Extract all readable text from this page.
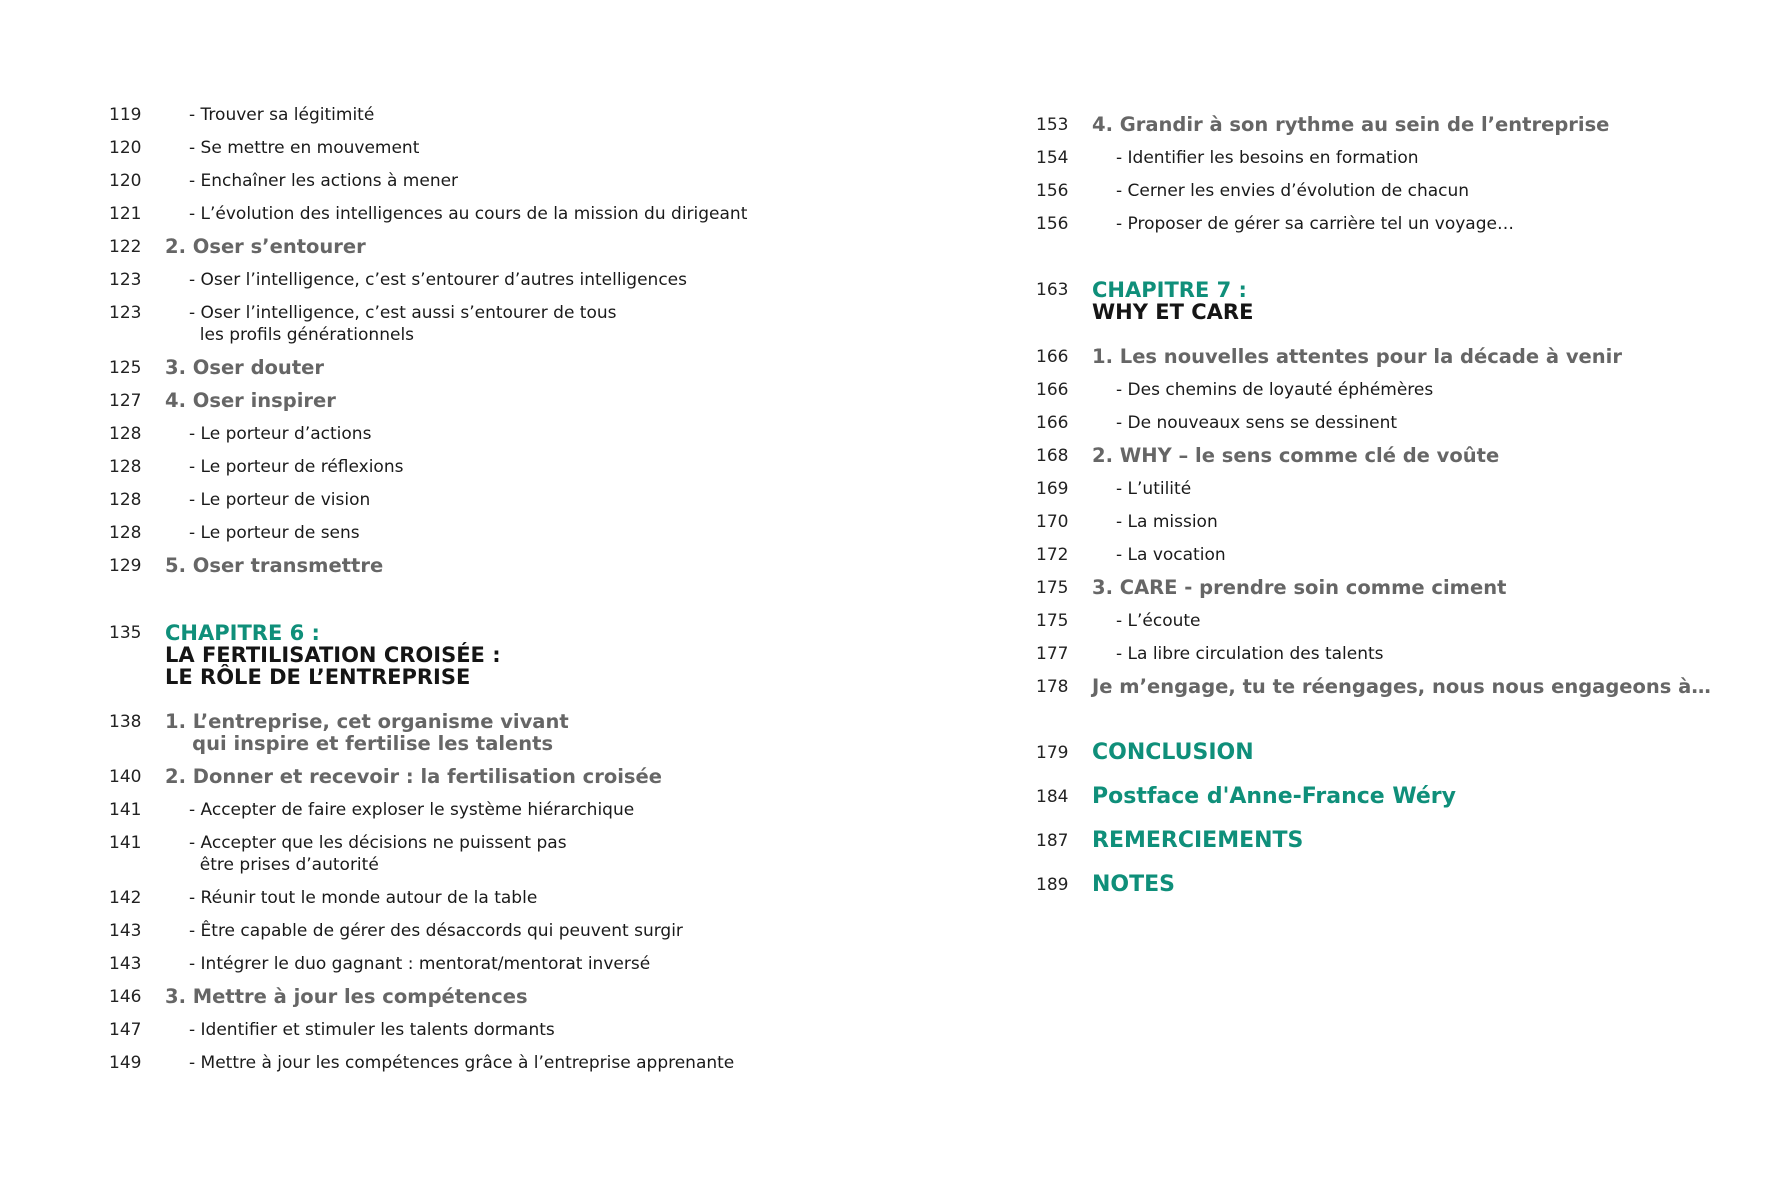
119	- Trouver sa légitimité
120	- Se mettre en mouvement
120	- Enchaîner les actions à mener
121	- L’évolution des intelligences au cours de la mission du dirigeant
122 2. Oser s’entourer
123	- Oser l’intelligence, c’est s’entourer d’autres intelligences
123	- Oser l’intelligence, c’est aussi s’entourer de tous
les profils générationnels
125 3. Oser douter
127 4. Oser inspirer
128	- Le porteur d’actions
128	- Le porteur de réflexions
128	- Le porteur de vision
128	- Le porteur de sens
129 5. Oser transmettre
135 CHAPITRE 6 :
LA FERTILISATION CROISÉE :
LE RÔLE DE L’ENTREPRISE
138 1. L’entreprise, cet organisme vivant
qui inspire et fertilise les talents
140 2. Donner et recevoir : la fertilisation croisée
141	- Accepter de faire exploser le système hiérarchique
141	- Accepter que les décisions ne puissent pas
être prises d’autorité
142	- Réunir tout le monde autour de la table
143	- Être capable de gérer des désaccords qui peuvent surgir
143	- Intégrer le duo gagnant : mentorat/mentorat inversé
146 3. Mettre à jour les compétences
147	- Identifier et stimuler les talents dormants
149	- Mettre à jour les compétences grâce à l’entreprise apprenante
153 4. Grandir à son rythme au sein de l’entreprise
154	- Identifier les besoins en formation
156	- Cerner les envies d’évolution de chacun
156	- Proposer de gérer sa carrière tel un voyage…
163 CHAPITRE 7 :
WHY ET CARE
166 1. Les nouvelles attentes pour la décade à venir
166	- Des chemins de loyauté éphémères
166	- De nouveaux sens se dessinent
168 2. WHY – le sens comme clé de voûte
169	- L’utilité
170	- La mission
172	- La vocation
175 3. CARE - prendre soin comme ciment
175	- L’écoute
177	- La libre circulation des talents
178 Je m’engage, tu te réengages, nous nous engageons à…
179 CONCLUSION
184 Postface d'Anne-France Wéry
187 REMERCIEMENTS
189 NOTES
